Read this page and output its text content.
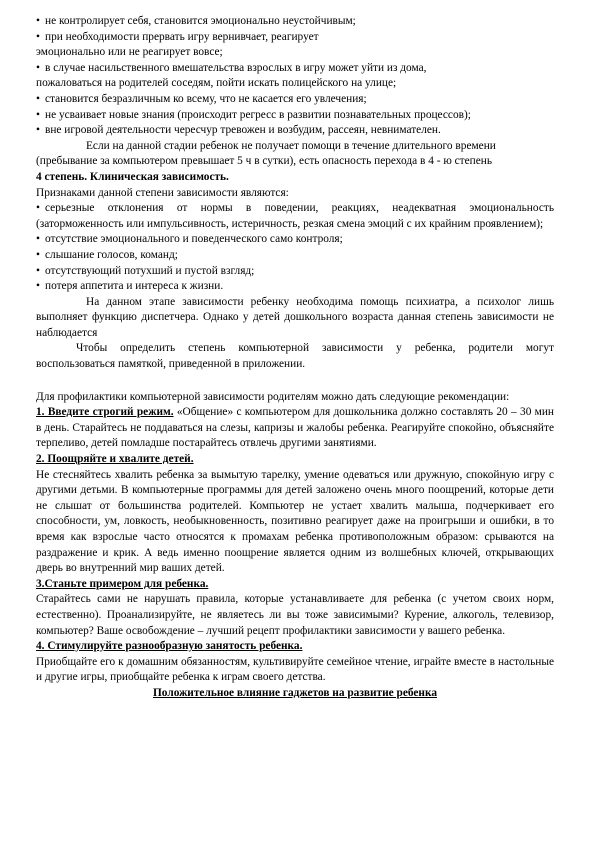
• не контролирует себя, становится эмоционально неустойчивым;
• при необходимости прервать игру вернивчает, реагирует
эмоционально или не реагирует вовсе;
• в случае насильственного вмешательства взрослых в игру может уйти из дома,
пожаловаться на родителей соседям, пойти искать полицейского на улице;
• становится безразличным ко всему, что не касается его увлечения;
• не усваивает новые знания (происходит регресс в развитии познавательных процессов);
• вне игровой деятельности чересчур тревожен и возбудим, рассеян, невнимателен.
Если на данной стадии ребенок не получает помощи в течение длительного времени
(пребывание за компьютером превышает 5 ч в сутки), есть опасность перехода в 4 - ю степень
4 степень. Клиническая зависимость.
Признаками данной степени зависимости являются:
• серьезные отклонения от нормы в поведении, реакциях, неадекватная эмоциональность (заторможенность или импульсивность, истеричность, резкая смена эмоций с их крайним проявлением);
• отсутствие эмоционального и поведенческого само контроля;
• слышание голосов, команд;
• отсутствующий потухший и пустой взгляд;
• потеря аппетита и интереса к жизни.
На данном этапе зависимости ребенку необходима помощь психиатра, а психолог лишь выполняет функцию диспетчера. Однако у детей дошкольного возраста данная степень зависимости не наблюдается
Чтобы определить степень компьютерной зависимости у ребенка, родители могут воспользоваться памяткой, приведенной в приложении.
Для профилактики компьютерной зависимости родителям можно дать следующие рекомендации:
1. Введите строгий режим. «Общение» с компьютером для дошкольника должно составлять 20 – 30 мин в день. Старайтесь не поддаваться на слезы, капризы и жалобы ребенка. Реагируйте спокойно, объясняйте терпеливо, детей помладше постарайтесь отвлечь другими занятиями.
2. Поощряйте и хвалите детей.
Не стесняйтесь хвалить ребенка за вымытую тарелку, умение одеваться или дружную, спокойную игру с другими детьми. В компьютерные программы для детей заложено очень много поощрений, которые дети не слышат от большинства родителей. Компьютер не устает хвалить малыша, подчеркивает его способности, ум, ловкость, необыкновенность, позитивно реагирует даже на проигрыши и ошибки, в то время как взрослые часто относятся к промахам ребенка противоположным образом: срываются на раздражение и крик. А ведь именно поощрение является одним из волшебных ключей, открывающих дверь во внутренний мир ваших детей.
3.Станьте примером для ребенка.
Старайтесь сами не нарушать правила, которые устанавливаете для ребенка (с учетом своих норм, естественно). Проанализируйте, не являетесь ли вы тоже зависимыми? Курение, алкоголь, телевизор, компьютер? Ваше освобождение – лучший рецепт профилактики зависимости у вашего ребенка.
4. Стимулируйте разнообразную занятость ребенка.
Приобщайте его к домашним обязанностям, культивируйте семейное чтение, играйте вместе в настольные и другие игры, приобщайте ребенка к играм своего детства.
Положительное влияние гаджетов на развитие ребенка
